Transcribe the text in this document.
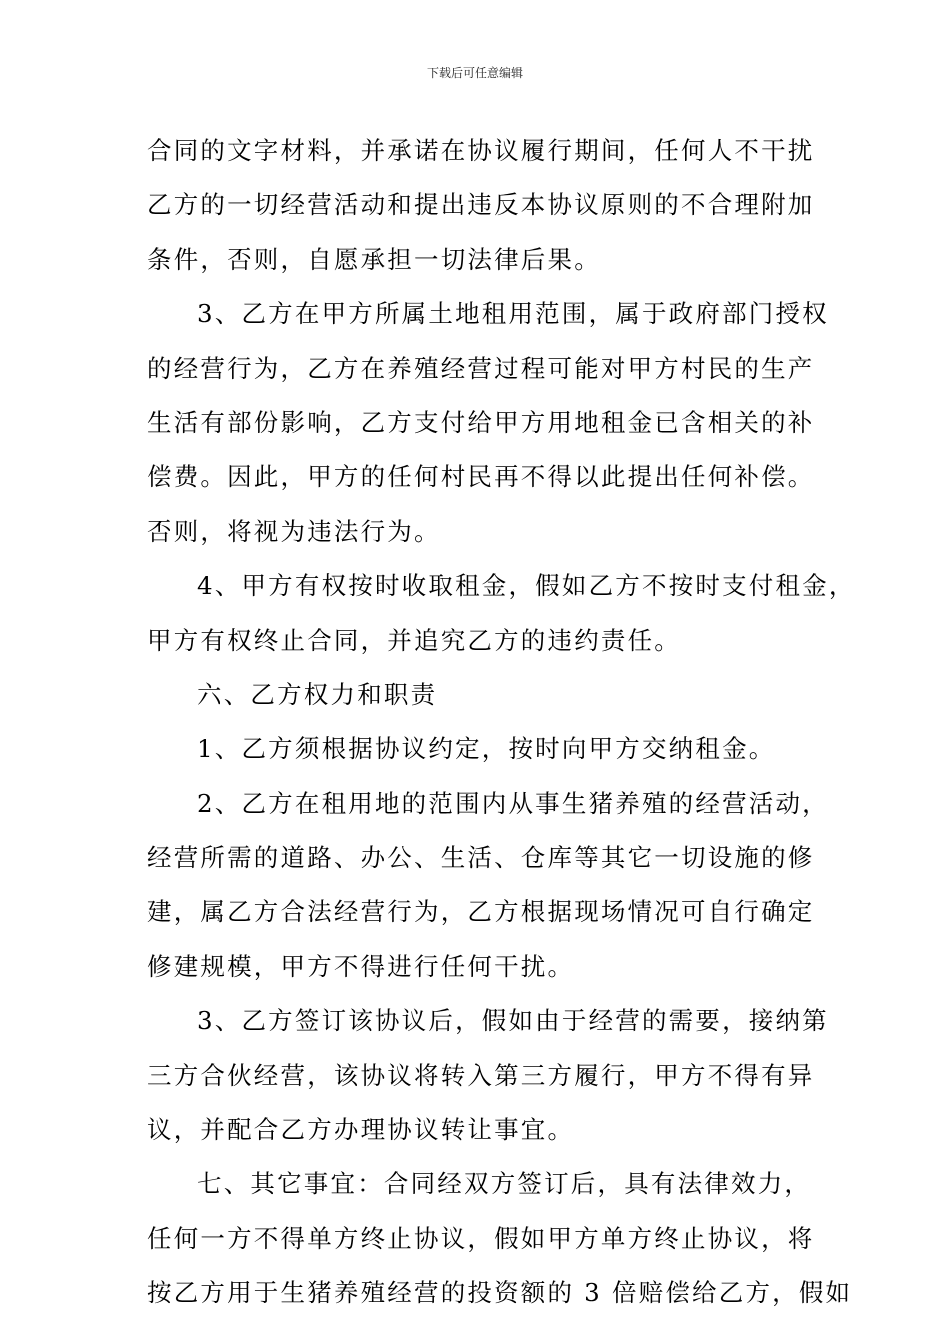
下载后可任意编辑
合同的文字材料，并承诺在协议履行期间，任何人不干扰
乙方的一切经营活动和提出违反本协议原则的不合理附加
条件，否则，自愿承担一切法律后果。
3、乙方在甲方所属土地租用范围，属于政府部门授权
的经营行为，乙方在养殖经营过程可能对甲方村民的生产
生活有部份影响，乙方支付给甲方用地租金已含相关的补
偿费。因此，甲方的任何村民再不得以此提出任何补偿。
否则，将视为违法行为。
4、甲方有权按时收取租金，假如乙方不按时支付租金，
甲方有权终止合同，并追究乙方的违约责任。
六、乙方权力和职责
1、乙方须根据协议约定，按时向甲方交纳租金。
2、乙方在租用地的范围内从事生猪养殖的经营活动，
经营所需的道路、办公、生活、仓库等其它一切设施的修
建，属乙方合法经营行为，乙方根据现场情况可自行确定
修建规模，甲方不得进行任何干扰。
3、乙方签订该协议后，假如由于经营的需要，接纳第
三方合伙经营，该协议将转入第三方履行，甲方不得有异
议，并配合乙方办理协议转让事宜。
七、其它事宜：合同经双方签订后，具有法律效力，
任何一方不得单方终止协议，假如甲方单方终止协议，将
按乙方用于生猪养殖经营的投资额的 3 倍赔偿给乙方，假如
